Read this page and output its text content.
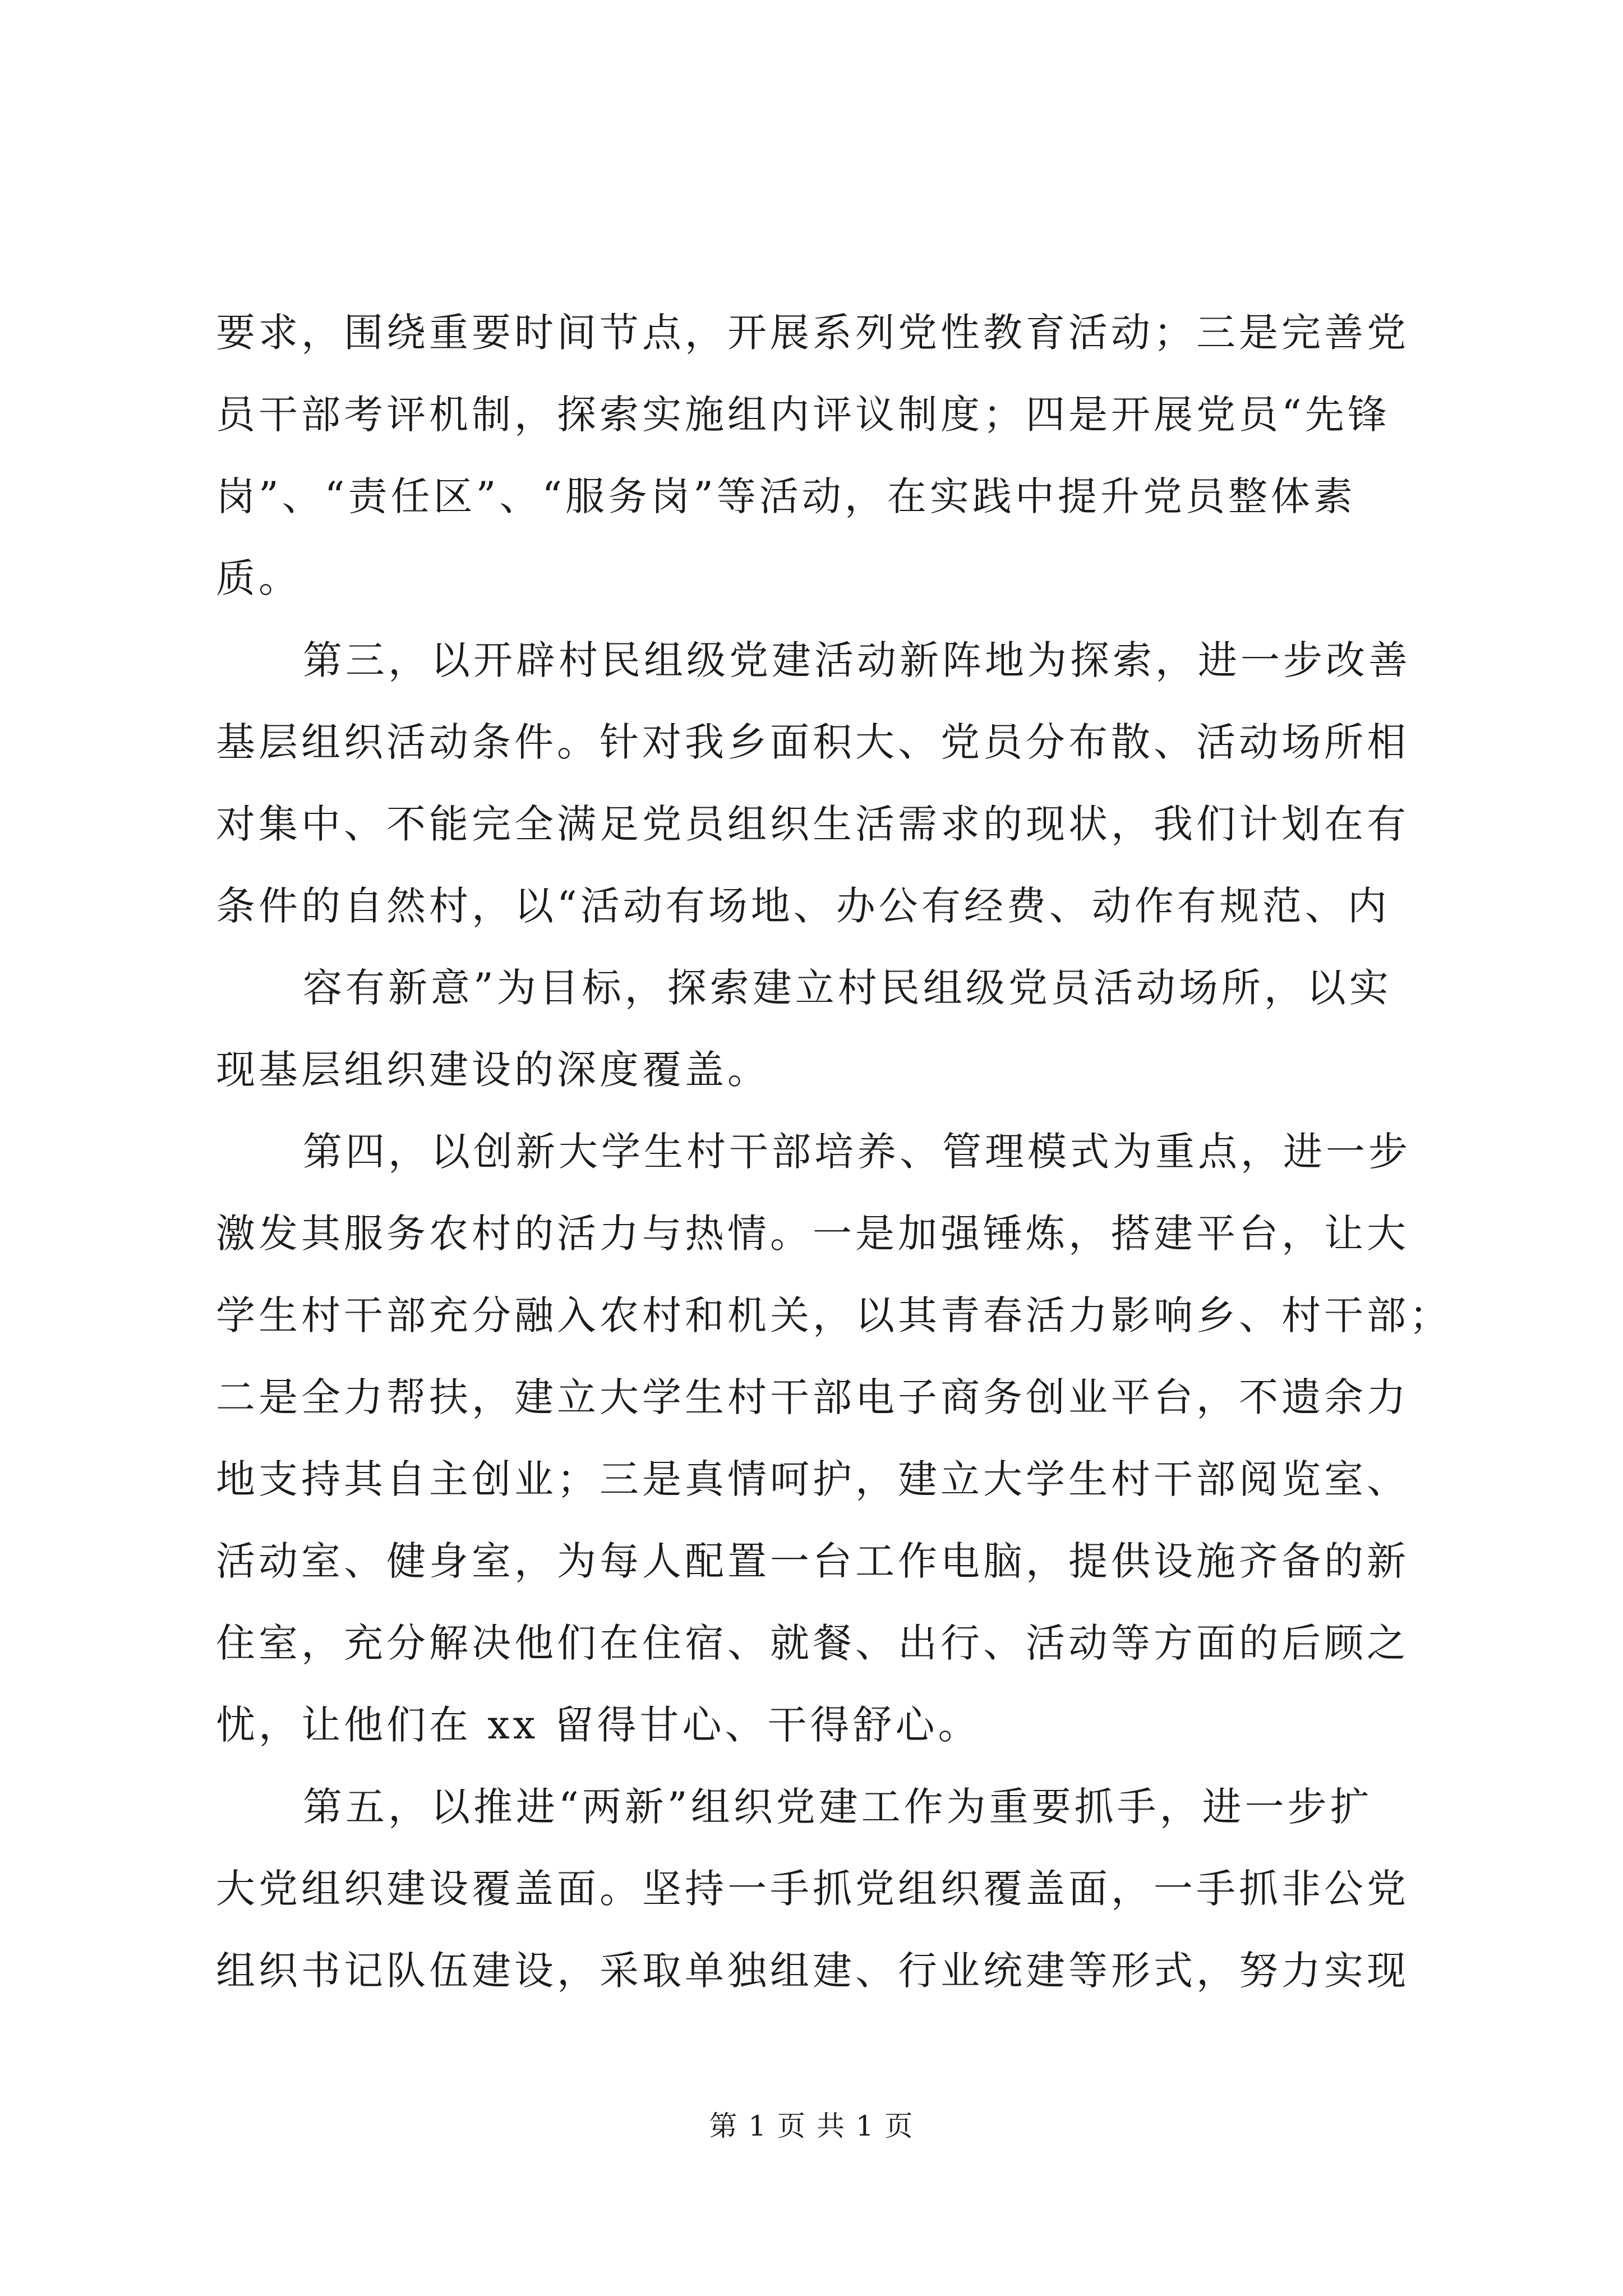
要求，围绕重要时间节点，开展系列党性教育活动；三是完善党
员干部考评机制，探索实施组内评议制度；四是开展党员“先锋
岗”、“责任区”、“服务岗”等活动，在实践中提升党员整体素
质。
第三，以开辟村民组级党建活动新阵地为探索，进一步改善
基层组织活动条件。针对我乡面积大、党员分布散、活动场所相
对集中、不能完全满足党员组织生活需求的现状，我们计划在有
条件的自然村，以“活动有场地、办公有经费、动作有规范、内
容有新意”为目标，探索建立村民组级党员活动场所，以实
现基层组织建设的深度覆盖。
第四，以创新大学生村干部培养、管理模式为重点，进一步
激发其服务农村的活力与热情。一是加强锤炼，搭建平台，让大
学生村干部充分融入农村和机关，以其青春活力影响乡、村干部；
二是全力帮扶，建立大学生村干部电子商务创业平台，不遗余力
地支持其自主创业；三是真情呵护，建立大学生村干部阅览室、
活动室、健身室，为每人配置一台工作电脑，提供设施齐备的新
住室，充分解决他们在住宿、就餐、出行、活动等方面的后顾之
忧，让他们在 xx 留得甘心、干得舒心。
第五，以推进“两新”组织党建工作为重要抓手，进一步扩
大党组织建设覆盖面。坚持一手抓党组织覆盖面，一手抓非公党
组织书记队伍建设，采取单独组建、行业统建等形式，努力实现
第 1 页 共 1 页
